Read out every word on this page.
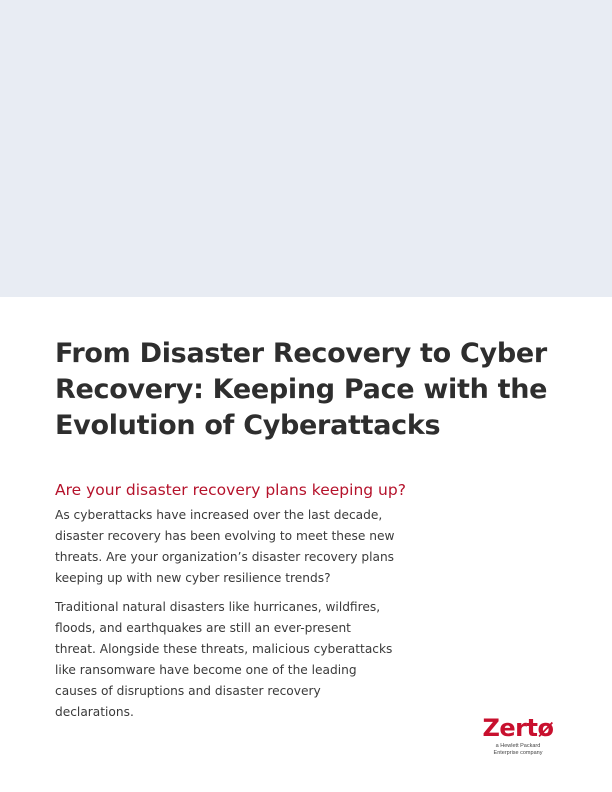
From Disaster Recovery to Cyber
Recovery: Keeping Pace with the
Evolution of Cyberattacks
Are your disaster recovery plans keeping up?

As cyberattacks have increased over the last decade, disaster recovery has been evolving to meet these new threats. Are your organization’s disaster recovery plans keeping up with new cyber resilience trends?

Traditional natural disasters like hurricanes, wildfires, floods, and earthquakes are still an ever-present threat. Alongside these threats, malicious cyberattacks like ransomware have become one of the leading causes of disruptions and disaster recovery declarations.

Zertø
a Hewlett Packard
Enterprise company
